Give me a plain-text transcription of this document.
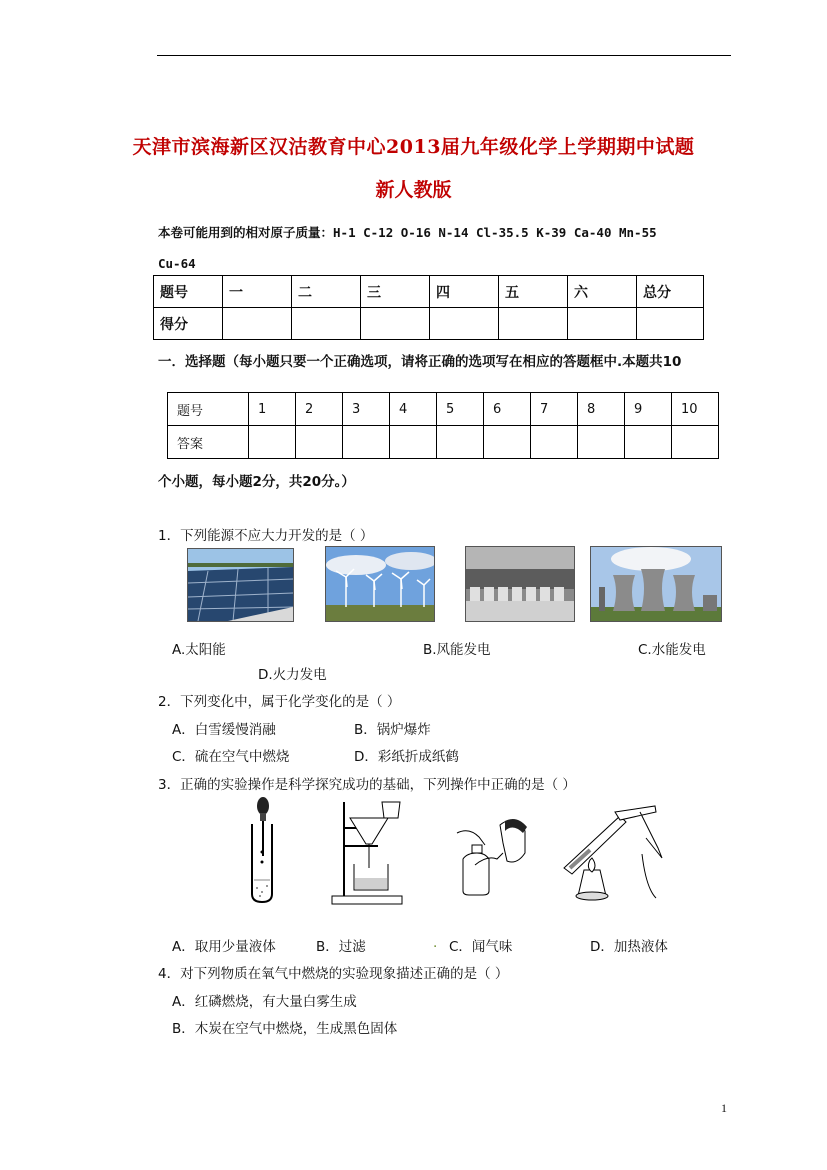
天津市滨海新区汉沽教育中心2013届九年级化学上学期期中试题
新人教版
本卷可能用到的相对原子质量：H-1 C-12 O-16 N-14 Cl-35.5 K-39 Ca-40 Mn-55
Cu-64
题号	一	二	三	四	五	六	总分
得分							
一．选择题（每小题只要一个正确选项，请将正确的选项写在相应的答题框中.本题共10
题号	1	2	3	4	5	6	7	8	9	10
答案										
个小题，每小题2分，共20分。）
1．下列能源不应大力开发的是（ ）
A.太阳能	B.风能发电	C.水能发电
D.火力发电
2．下列变化中，属于化学变化的是（ ）
A．白雪缓慢消融	B．锅炉爆炸
C．硫在空气中燃烧	D．彩纸折成纸鹤
3．正确的实验操作是科学探究成功的基础，下列操作中正确的是（ ）
A．取用少量液体	B．过滤	. C．闻气味	D．加热液体
4．对下列物质在氧气中燃烧的实验现象描述正确的是（ ）
A．红磷燃烧，有大量白雾生成
B．木炭在空气中燃烧，生成黑色固体
1
